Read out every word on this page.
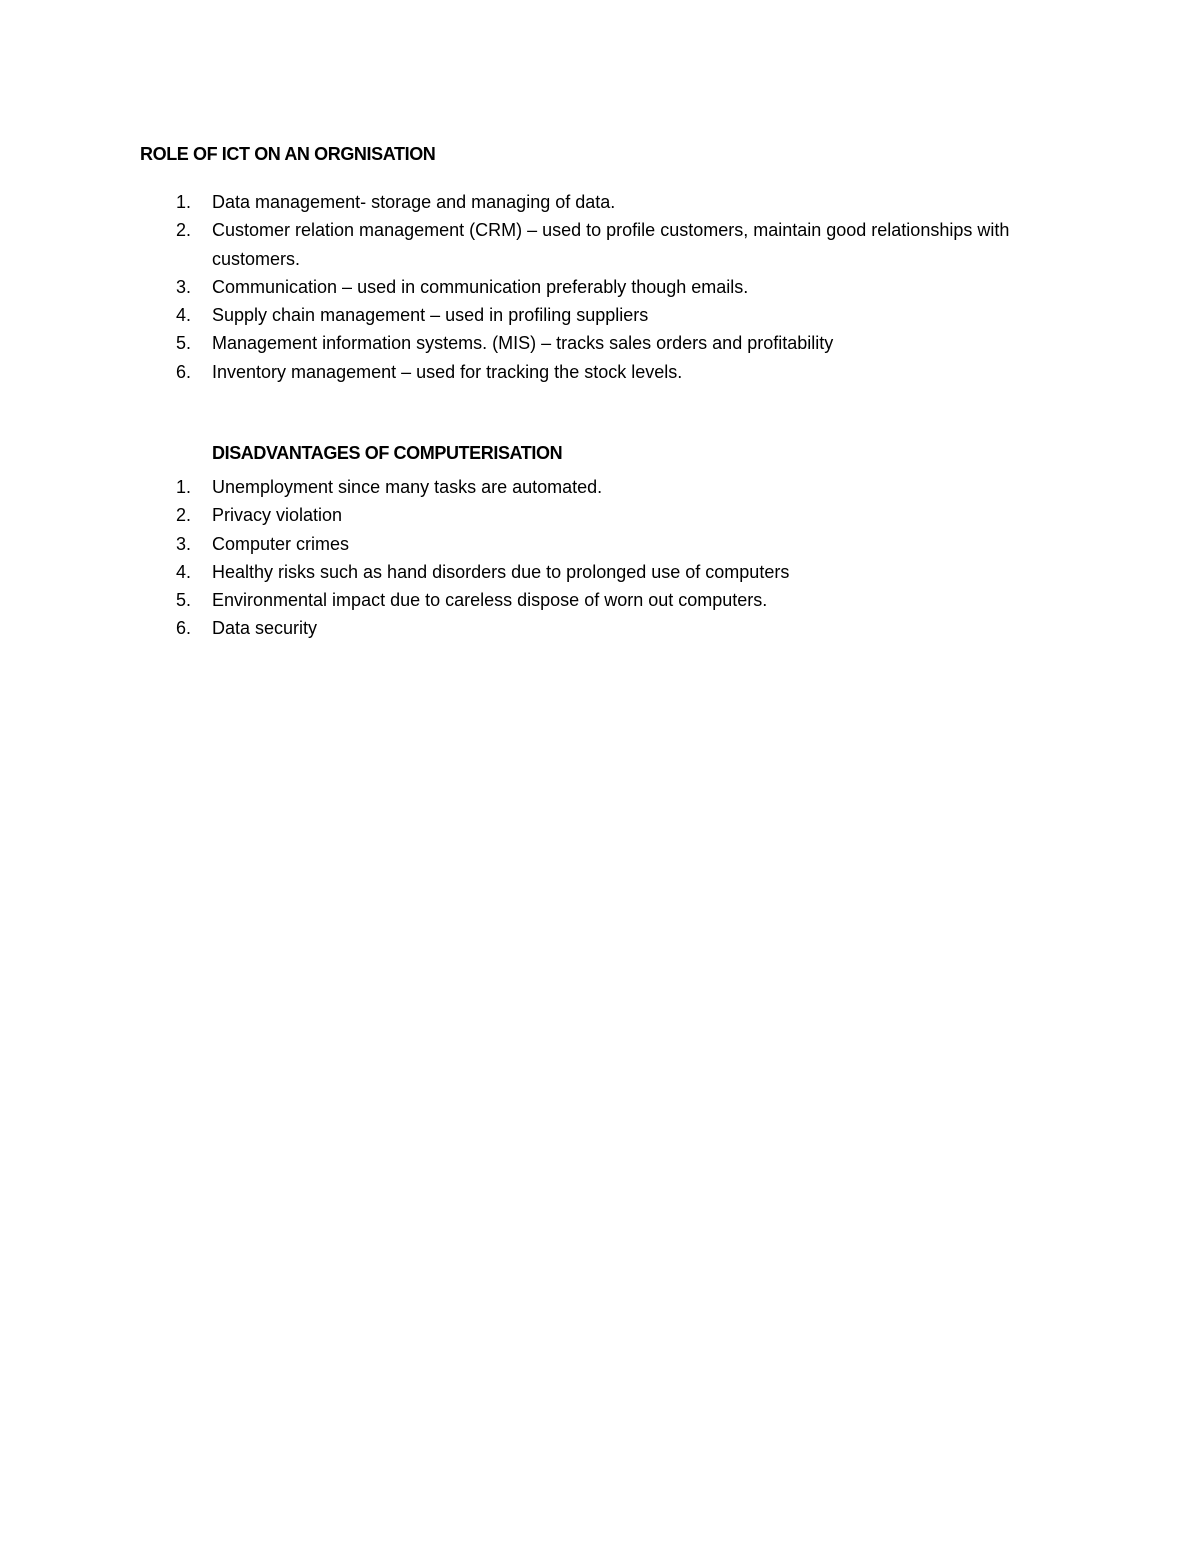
ROLE OF ICT ON AN ORGNISATION
1. Data management- storage and managing of data.
2. Customer relation management (CRM) – used to profile customers, maintain good relationships with customers.
3. Communication – used in communication preferably though emails.
4. Supply chain management – used in profiling suppliers
5. Management information systems. (MIS) – tracks sales orders and profitability
6. Inventory management – used for tracking the stock levels.
DISADVANTAGES OF COMPUTERISATION
1. Unemployment since many tasks are automated.
2. Privacy violation
3. Computer crimes
4. Healthy risks such as hand disorders due to prolonged use of computers
5. Environmental impact due to careless dispose of worn out computers.
6. Data security
